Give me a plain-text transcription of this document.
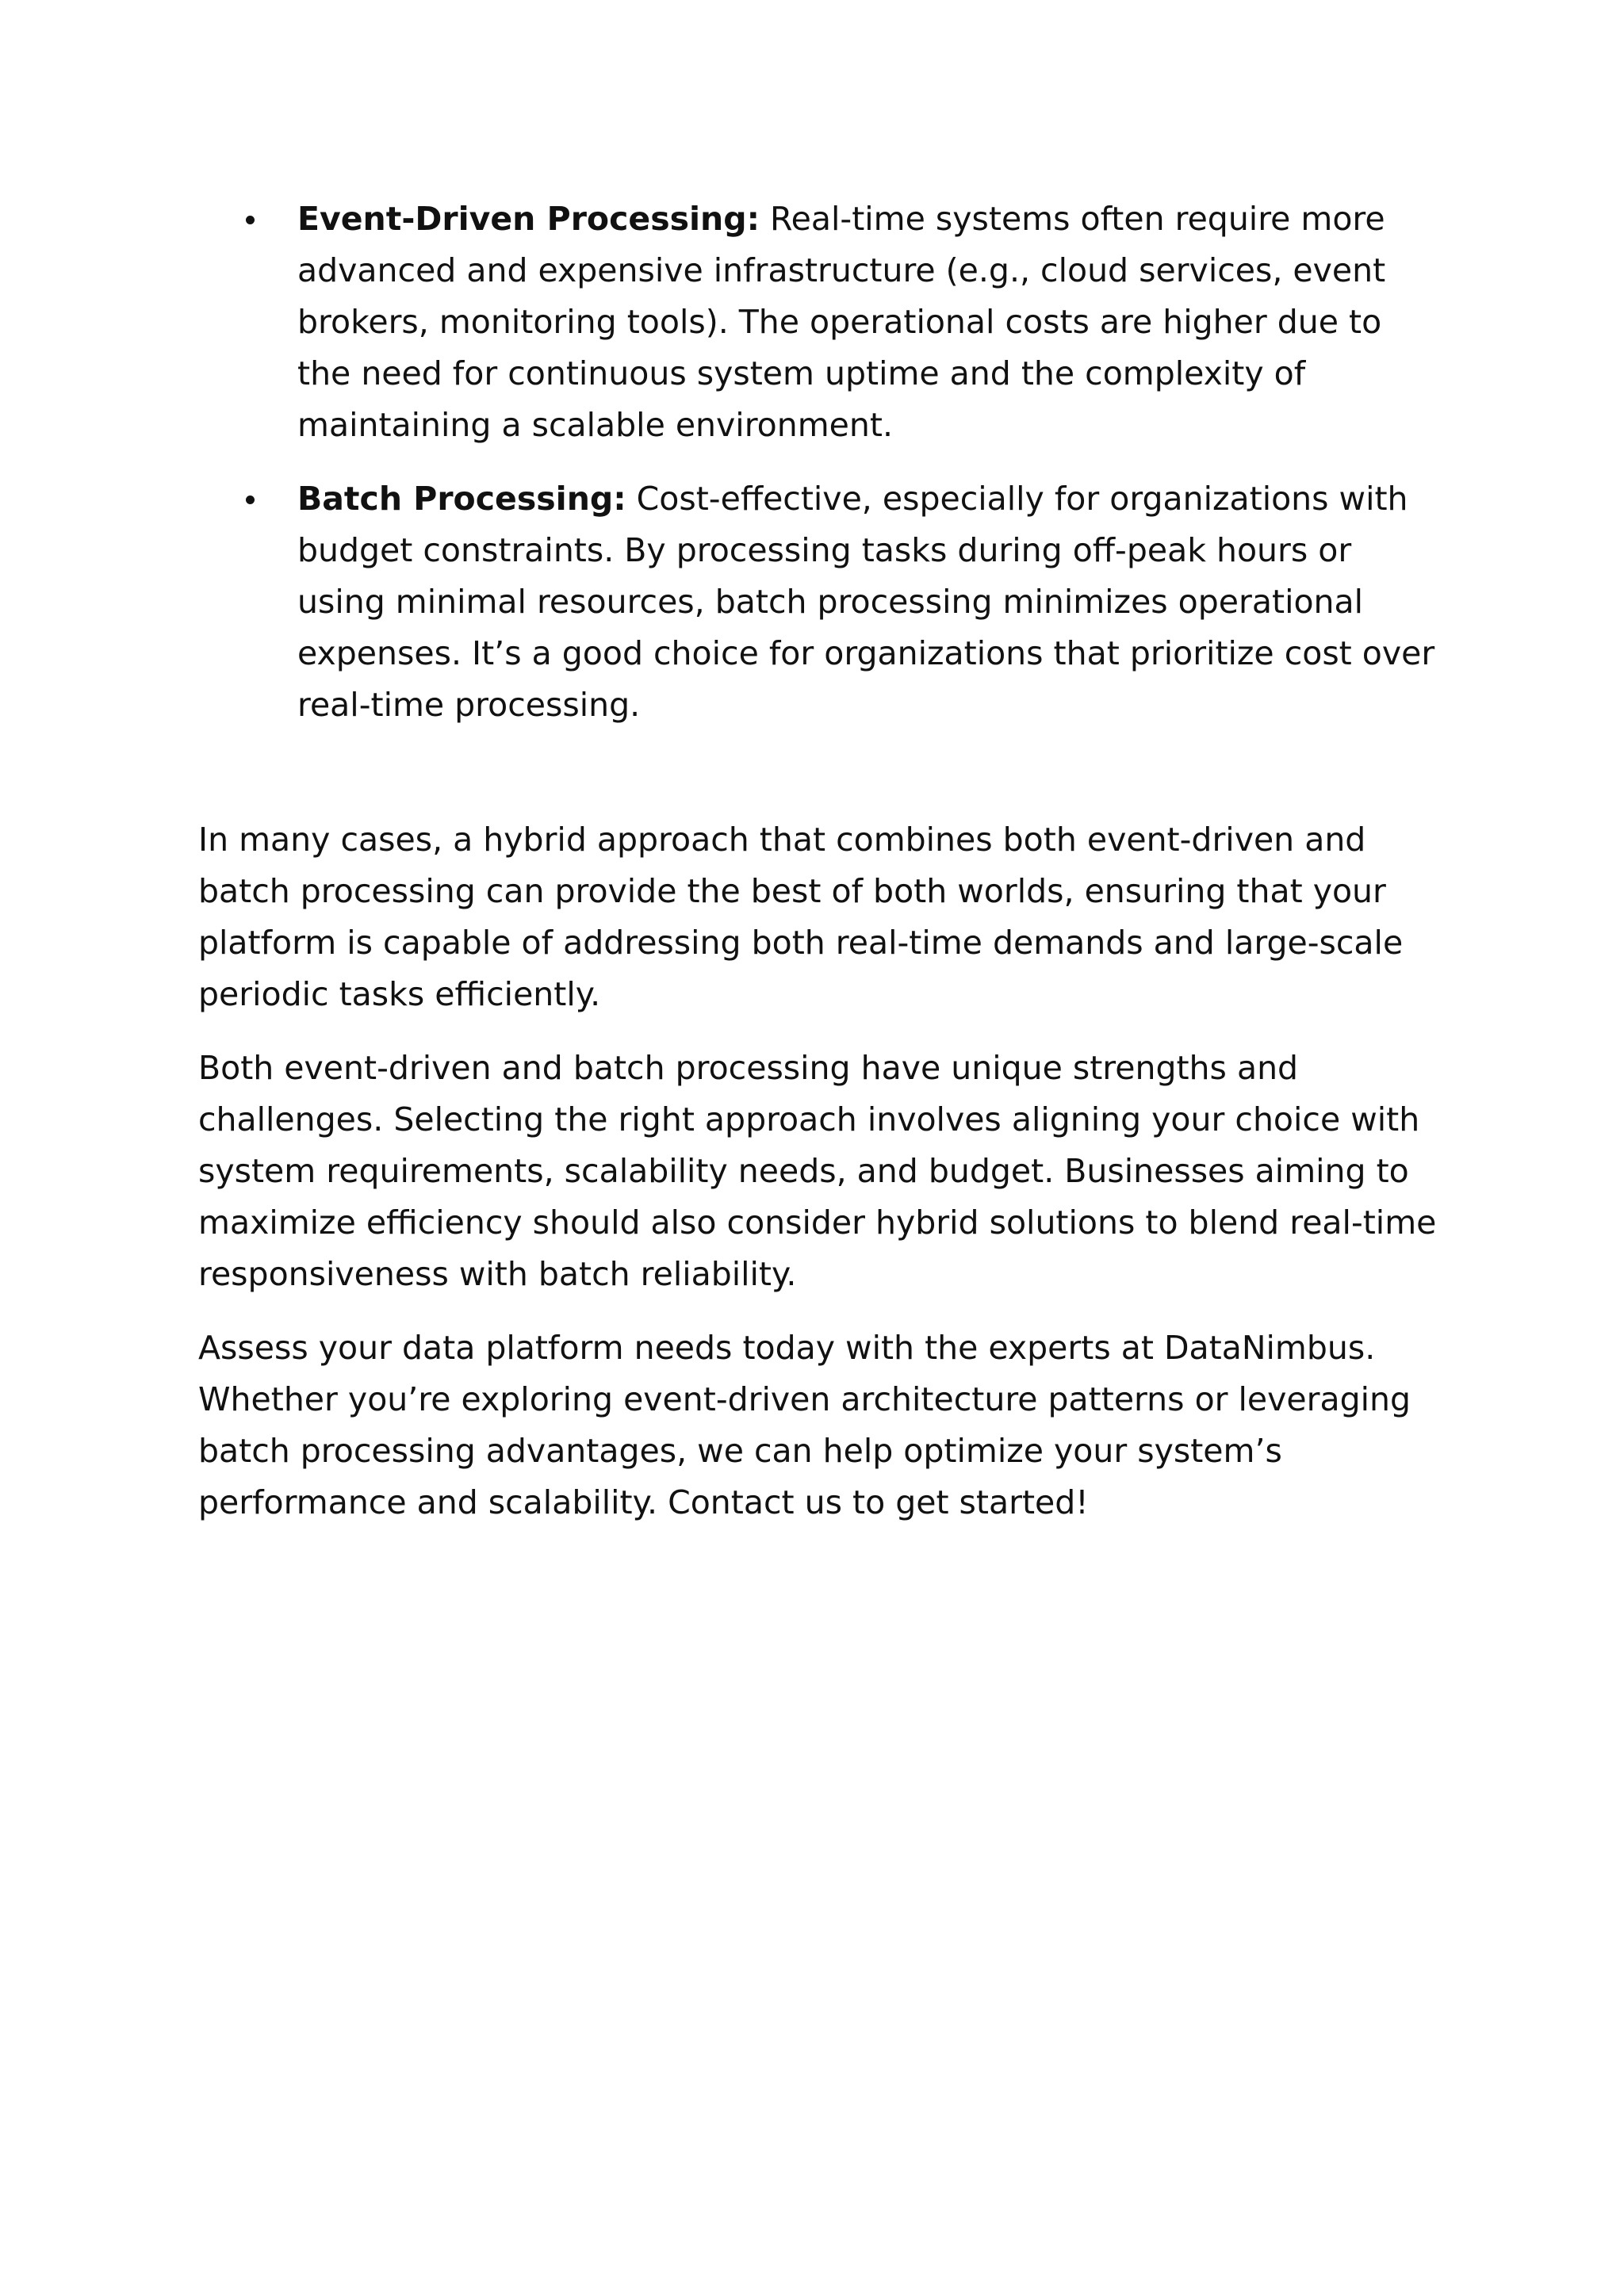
Event-Driven Processing: Real-time systems often require more advanced and expensive infrastructure (e.g., cloud services, event brokers, monitoring tools). The operational costs are higher due to the need for continuous system uptime and the complexity of maintaining a scalable environment.
Batch Processing: Cost-effective, especially for organizations with budget constraints. By processing tasks during off-peak hours or using minimal resources, batch processing minimizes operational expenses. It’s a good choice for organizations that prioritize cost over real-time processing.

In many cases, a hybrid approach that combines both event-driven and batch processing can provide the best of both worlds, ensuring that your platform is capable of addressing both real-time demands and large-scale periodic tasks efficiently.

Both event-driven and batch processing have unique strengths and challenges. Selecting the right approach involves aligning your choice with system requirements, scalability needs, and budget. Businesses aiming to maximize efficiency should also consider hybrid solutions to blend real-time responsiveness with batch reliability.

Assess your data platform needs today with the experts at DataNimbus. Whether you’re exploring event-driven architecture patterns or leveraging batch processing advantages, we can help optimize your system’s performance and scalability. Contact us to get started!
